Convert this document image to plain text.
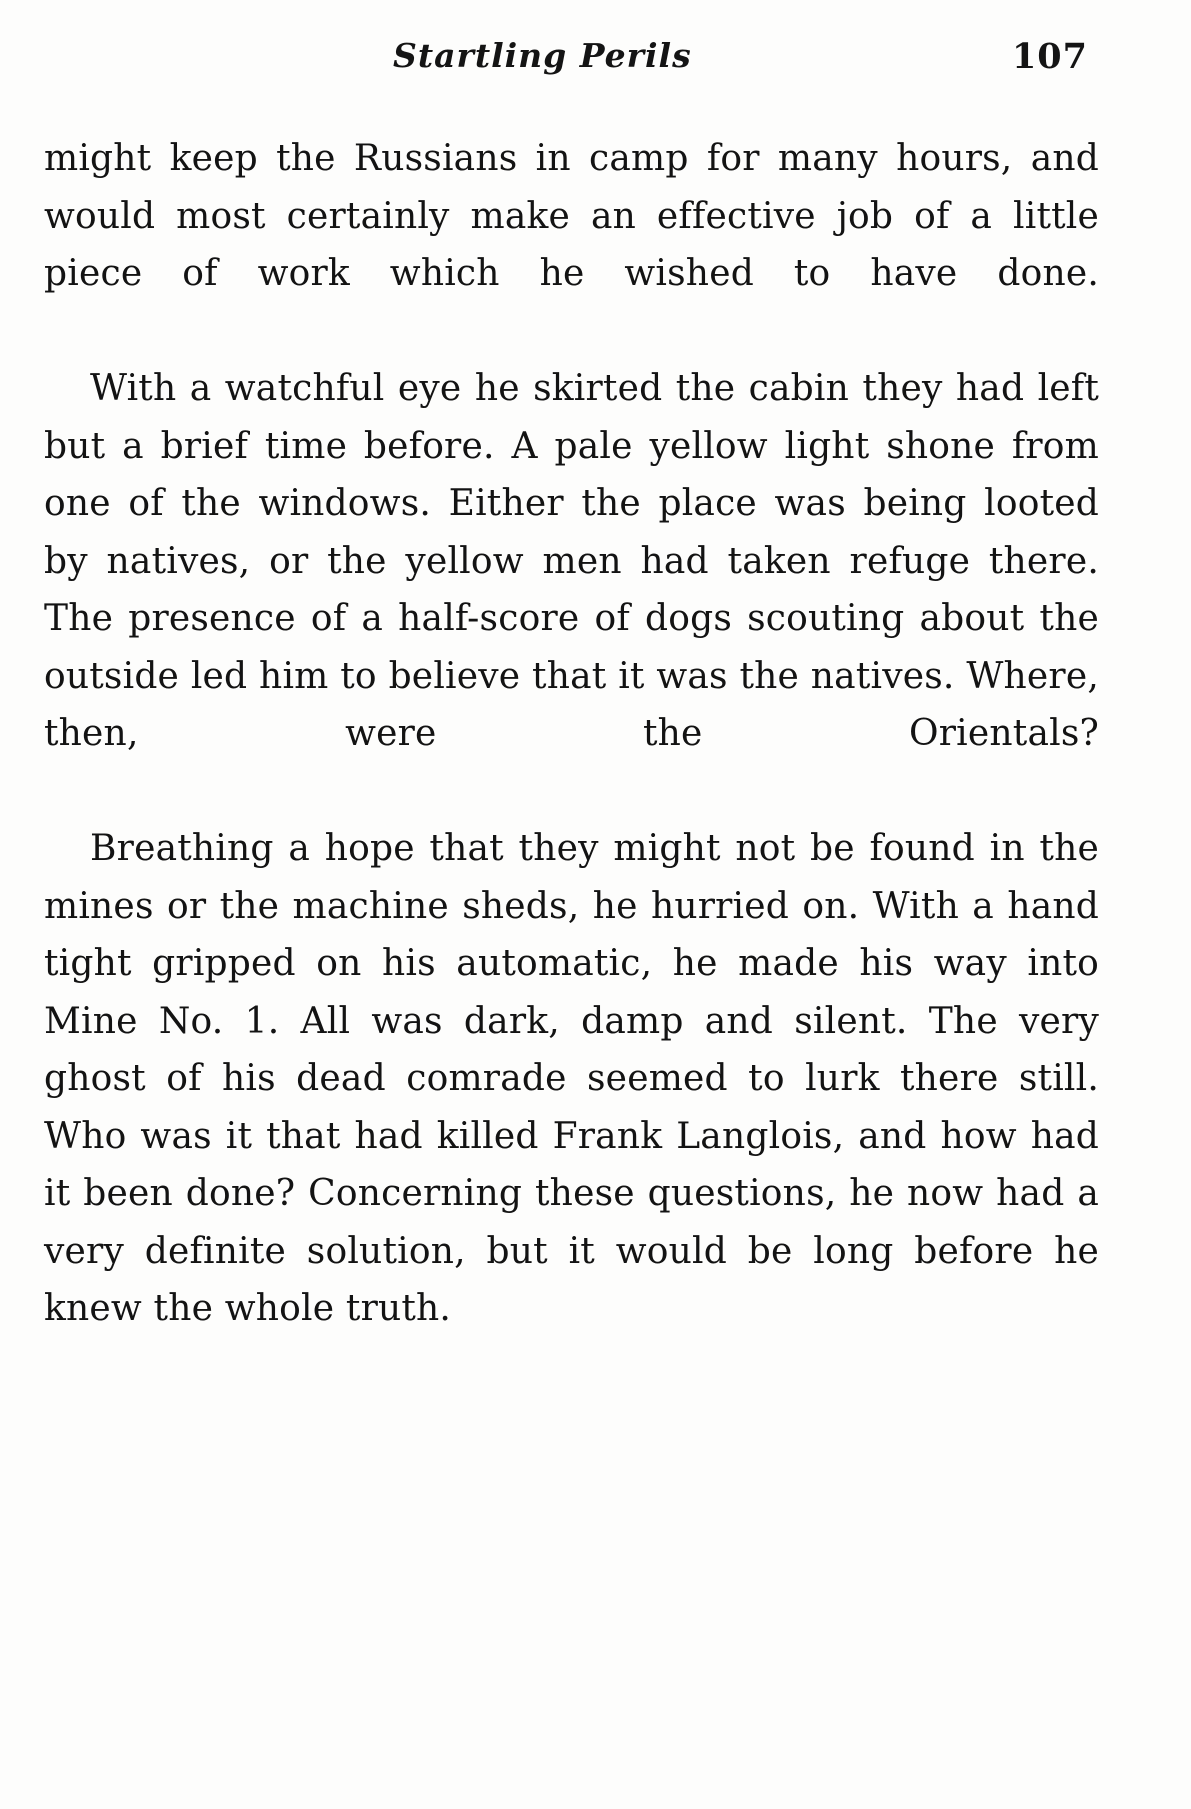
Startling Perils	107

might keep the Russians in camp for many hours, and would most certainly make an effective job of a little piece of work which he wished to have done.

With a watchful eye he skirted the cabin they had left but a brief time before. A pale yellow light shone from one of the windows. Either the place was being looted by natives, or the yellow men had taken refuge there. The presence of a half-score of dogs scouting about the outside led him to believe that it was the natives. Where, then, were the Orientals?

Breathing a hope that they might not be found in the mines or the machine sheds, he hurried on. With a hand tight gripped on his automatic, he made his way into Mine No. 1. All was dark, damp and silent. The very ghost of his dead comrade seemed to lurk there still. Who was it that had killed Frank Langlois, and how had it been done? Concerning these questions, he now had a very definite solution, but it would be long before he knew the whole truth.
